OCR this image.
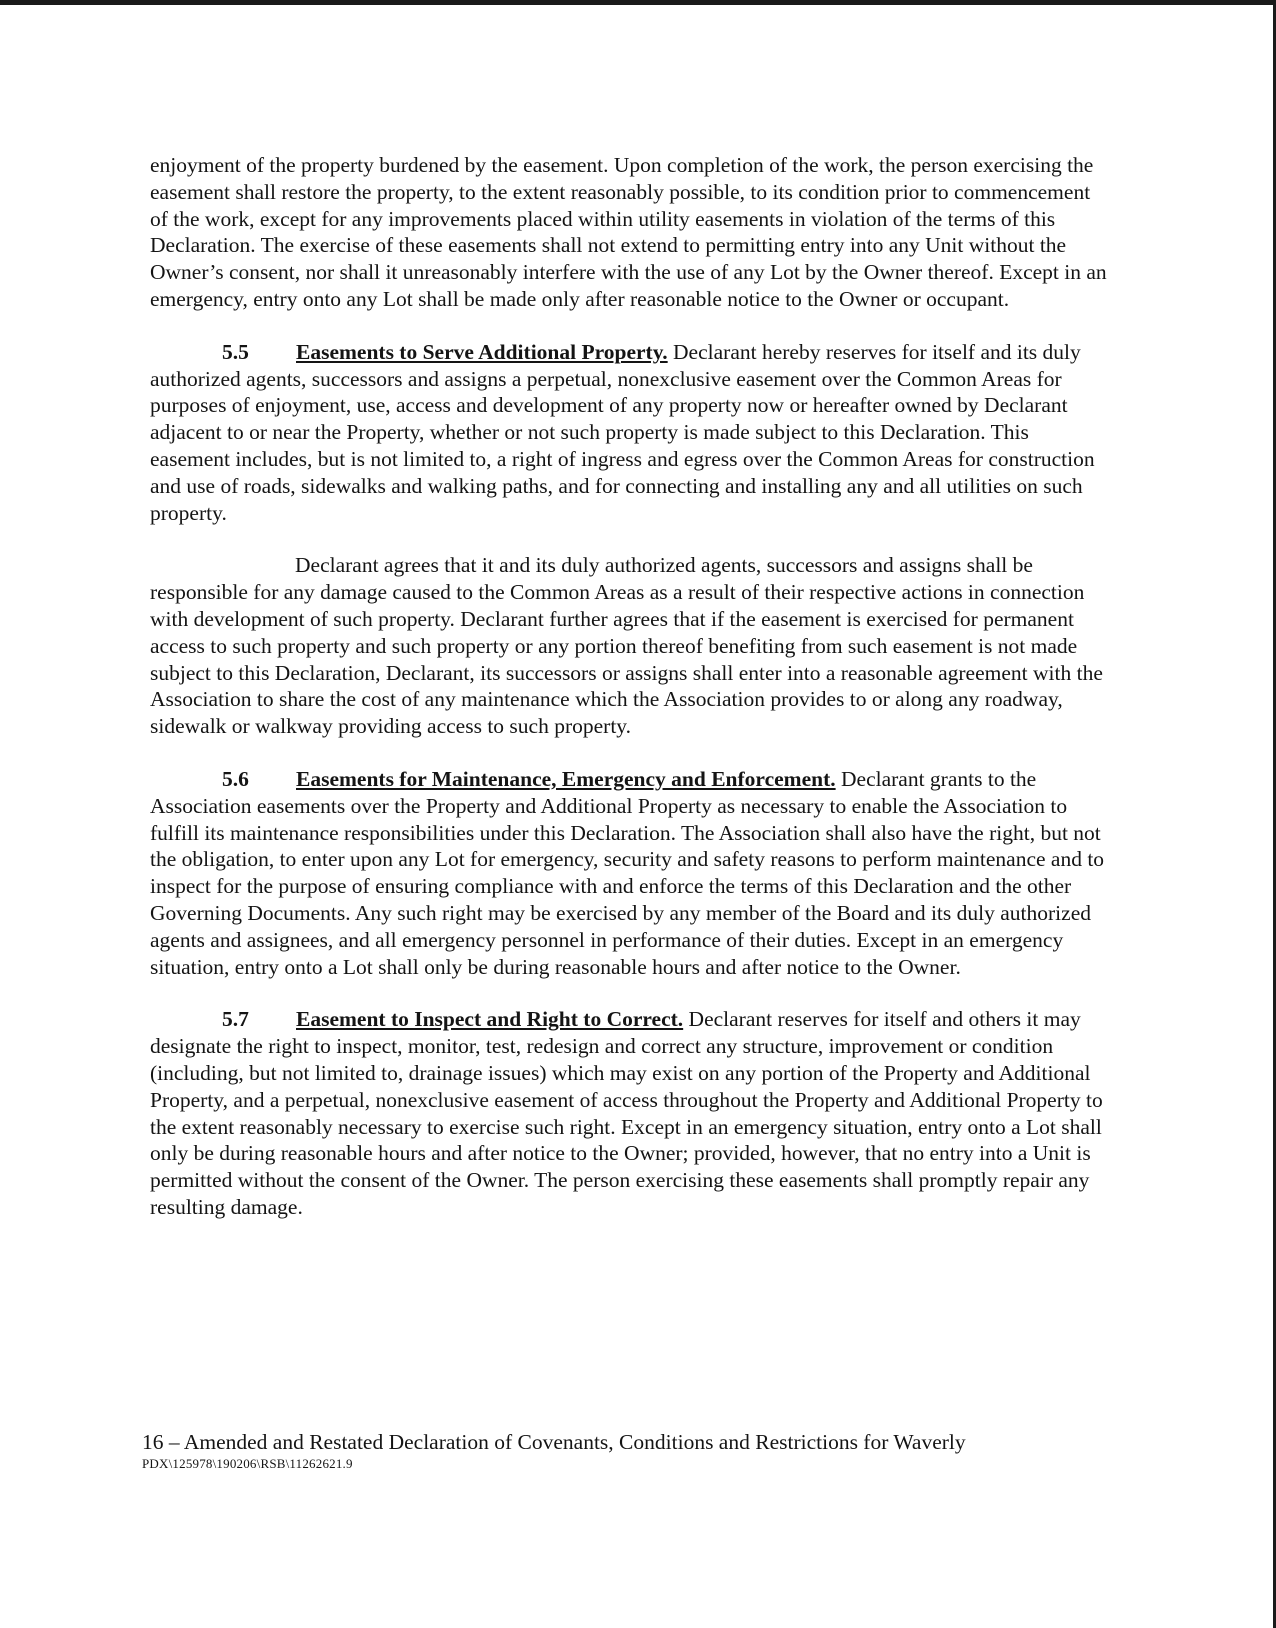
enjoyment of the property burdened by the easement. Upon completion of the work, the person exercising the easement shall restore the property, to the extent reasonably possible, to its condition prior to commencement of the work, except for any improvements placed within utility easements in violation of the terms of this Declaration. The exercise of these easements shall not extend to permitting entry into any Unit without the Owner’s consent, nor shall it unreasonably interfere with the use of any Lot by the Owner thereof. Except in an emergency, entry onto any Lot shall be made only after reasonable notice to the Owner or occupant.

5.5 Easements to Serve Additional Property. Declarant hereby reserves for itself and its duly authorized agents, successors and assigns a perpetual, nonexclusive easement over the Common Areas for purposes of enjoyment, use, access and development of any property now or hereafter owned by Declarant adjacent to or near the Property, whether or not such property is made subject to this Declaration. This easement includes, but is not limited to, a right of ingress and egress over the Common Areas for construction and use of roads, sidewalks and walking paths, and for connecting and installing any and all utilities on such property.

Declarant agrees that it and its duly authorized agents, successors and assigns shall be responsible for any damage caused to the Common Areas as a result of their respective actions in connection with development of such property. Declarant further agrees that if the easement is exercised for permanent access to such property and such property or any portion thereof benefiting from such easement is not made subject to this Declaration, Declarant, its successors or assigns shall enter into a reasonable agreement with the Association to share the cost of any maintenance which the Association provides to or along any roadway, sidewalk or walkway providing access to such property.

5.6 Easements for Maintenance, Emergency and Enforcement. Declarant grants to the Association easements over the Property and Additional Property as necessary to enable the Association to fulfill its maintenance responsibilities under this Declaration. The Association shall also have the right, but not the obligation, to enter upon any Lot for emergency, security and safety reasons to perform maintenance and to inspect for the purpose of ensuring compliance with and enforce the terms of this Declaration and the other Governing Documents. Any such right may be exercised by any member of the Board and its duly authorized agents and assignees, and all emergency personnel in performance of their duties. Except in an emergency situation, entry onto a Lot shall only be during reasonable hours and after notice to the Owner.

5.7 Easement to Inspect and Right to Correct. Declarant reserves for itself and others it may designate the right to inspect, monitor, test, redesign and correct any structure, improvement or condition (including, but not limited to, drainage issues) which may exist on any portion of the Property and Additional Property, and a perpetual, nonexclusive easement of access throughout the Property and Additional Property to the extent reasonably necessary to exercise such right. Except in an emergency situation, entry onto a Lot shall only be during reasonable hours and after notice to the Owner; provided, however, that no entry into a Unit is permitted without the consent of the Owner. The person exercising these easements shall promptly repair any resulting damage.

16 – Amended and Restated Declaration of Covenants, Conditions and Restrictions for Waverly

PDX\125978\190206\RSB\11262621.9
